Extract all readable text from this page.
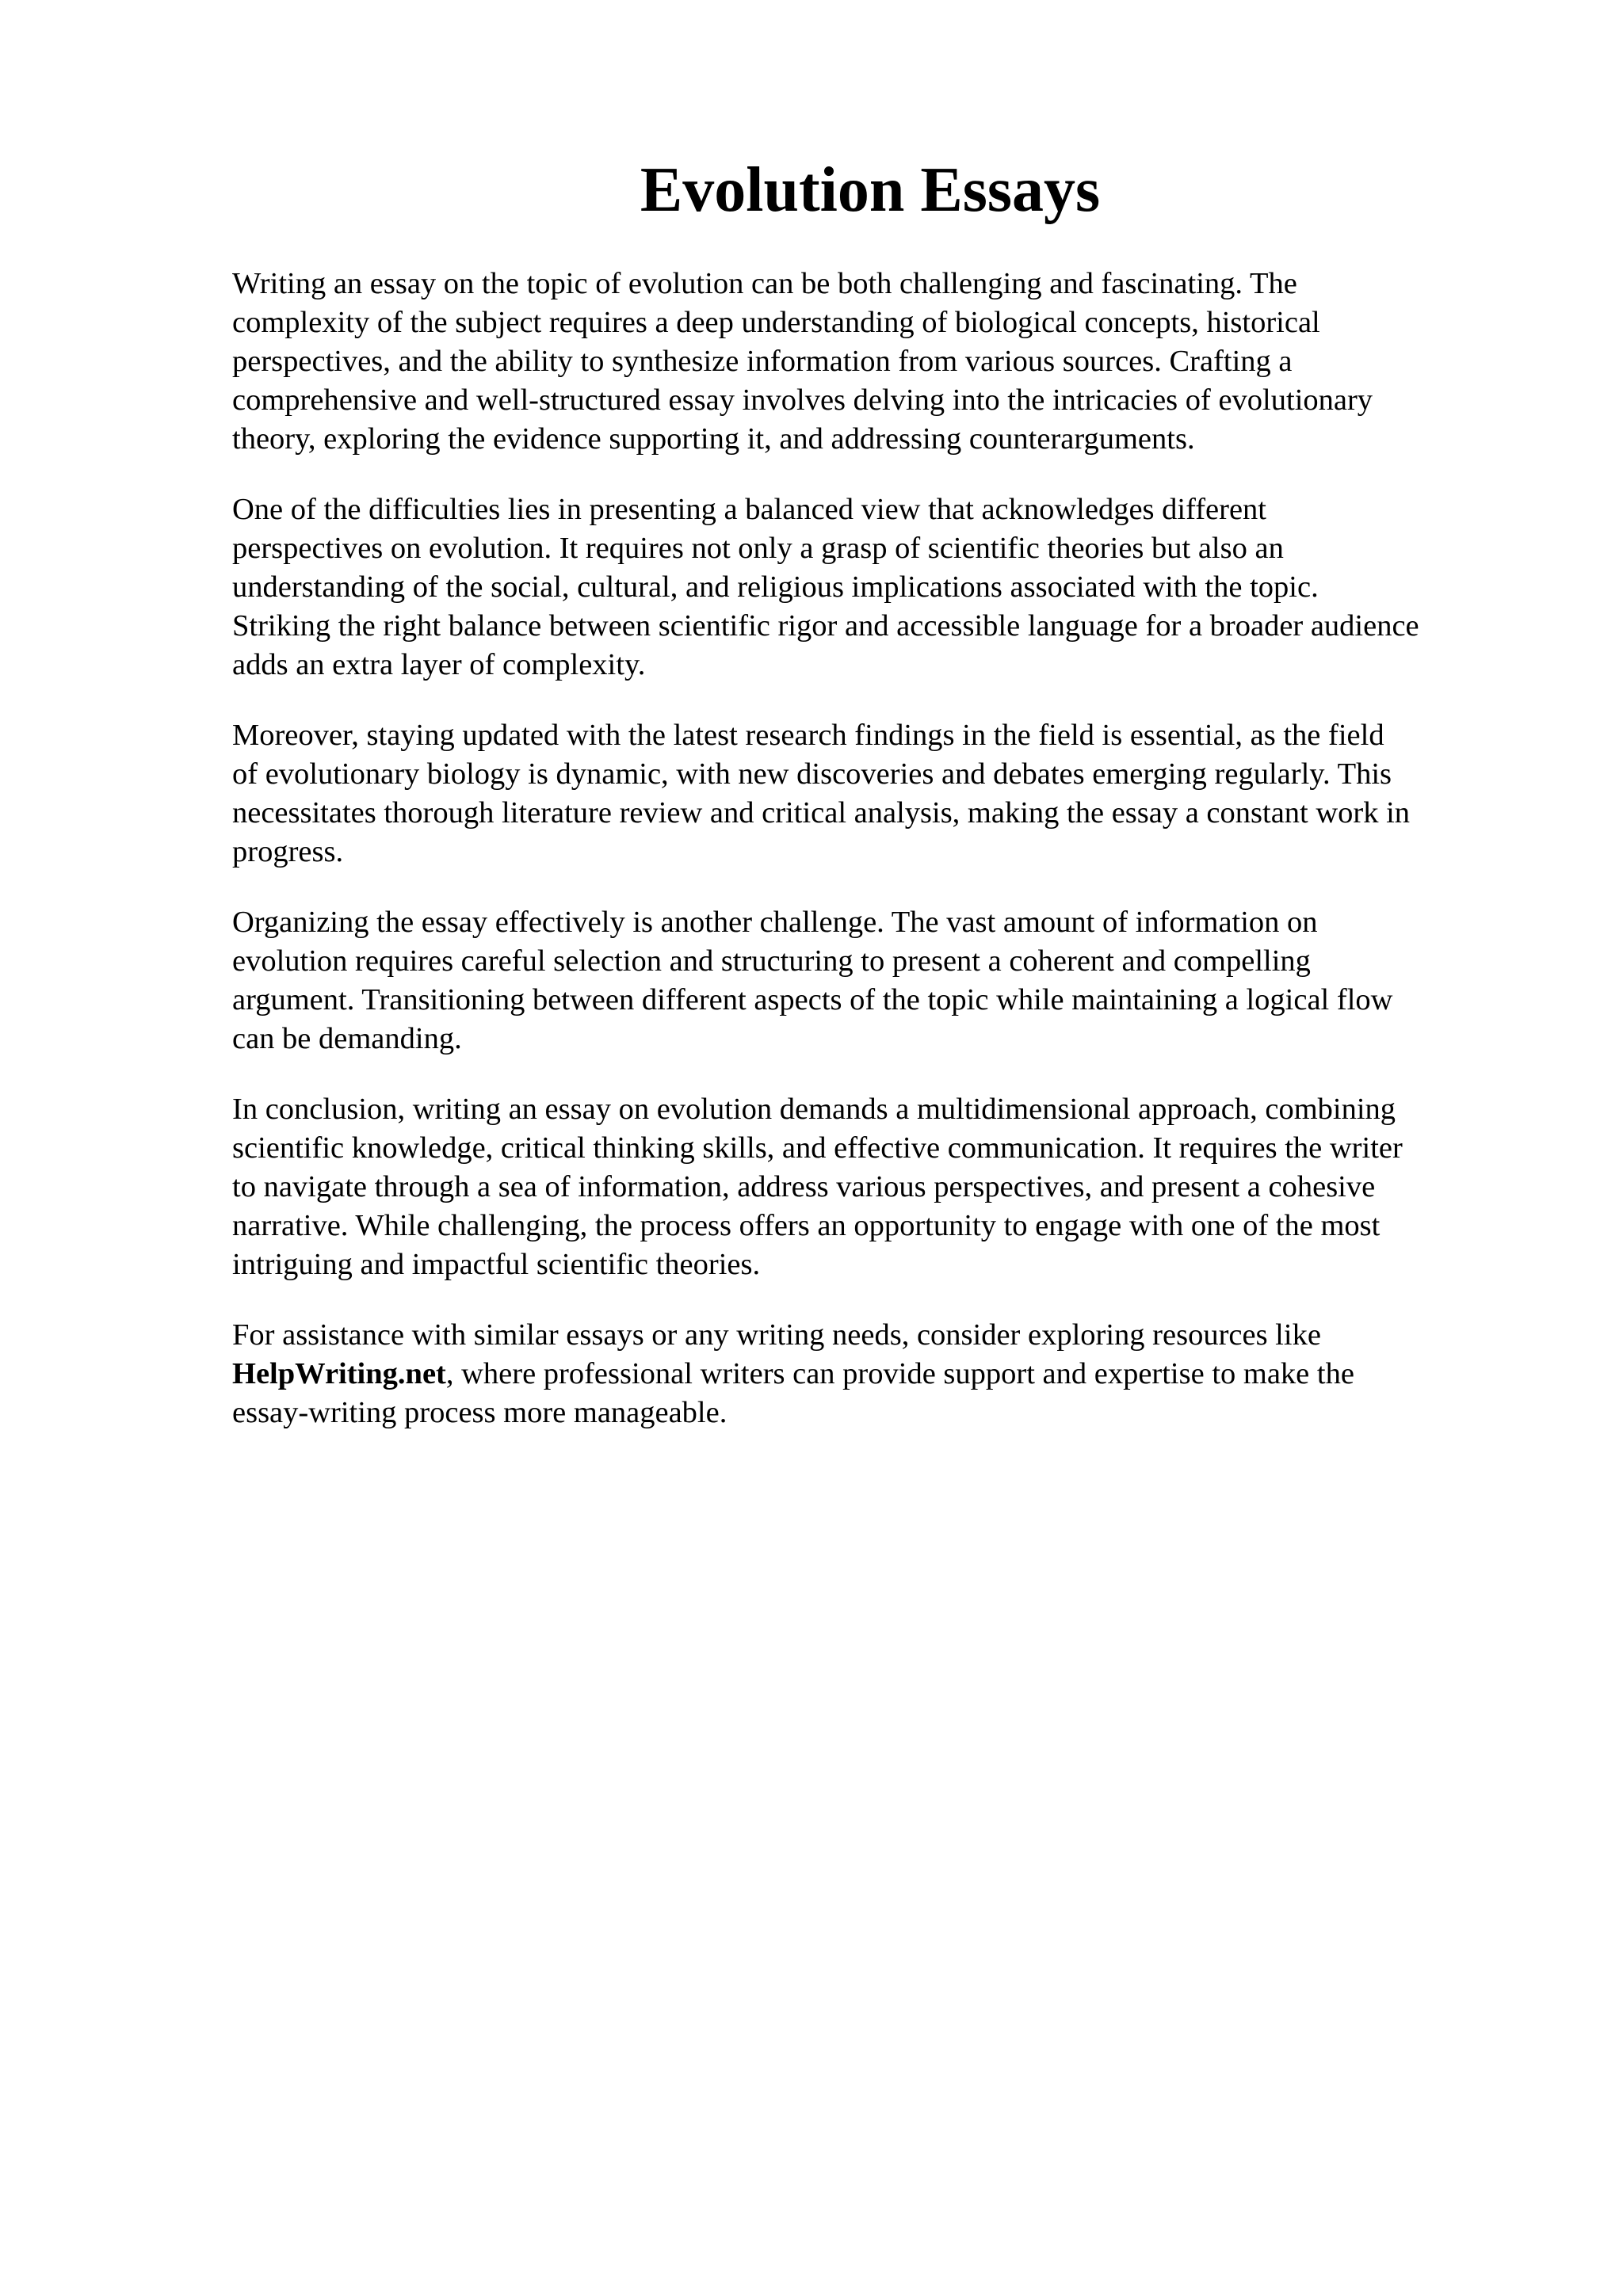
Evolution Essays

Writing an essay on the topic of evolution can be both challenging and fascinating. The
complexity of the subject requires a deep understanding of biological concepts, historical
perspectives, and the ability to synthesize information from various sources. Crafting a
comprehensive and well-structured essay involves delving into the intricacies of evolutionary
theory, exploring the evidence supporting it, and addressing counterarguments.

One of the difficulties lies in presenting a balanced view that acknowledges different
perspectives on evolution. It requires not only a grasp of scientific theories but also an
understanding of the social, cultural, and religious implications associated with the topic.
Striking the right balance between scientific rigor and accessible language for a broader audience
adds an extra layer of complexity.

Moreover, staying updated with the latest research findings in the field is essential, as the field
of evolutionary biology is dynamic, with new discoveries and debates emerging regularly. This
necessitates thorough literature review and critical analysis, making the essay a constant work in
progress.

Organizing the essay effectively is another challenge. The vast amount of information on
evolution requires careful selection and structuring to present a coherent and compelling
argument. Transitioning between different aspects of the topic while maintaining a logical flow
can be demanding.

In conclusion, writing an essay on evolution demands a multidimensional approach, combining
scientific knowledge, critical thinking skills, and effective communication. It requires the writer
to navigate through a sea of information, address various perspectives, and present a cohesive
narrative. While challenging, the process offers an opportunity to engage with one of the most
intriguing and impactful scientific theories.

For assistance with similar essays or any writing needs, consider exploring resources like
HelpWriting.net, where professional writers can provide support and expertise to make the
essay-writing process more manageable.
